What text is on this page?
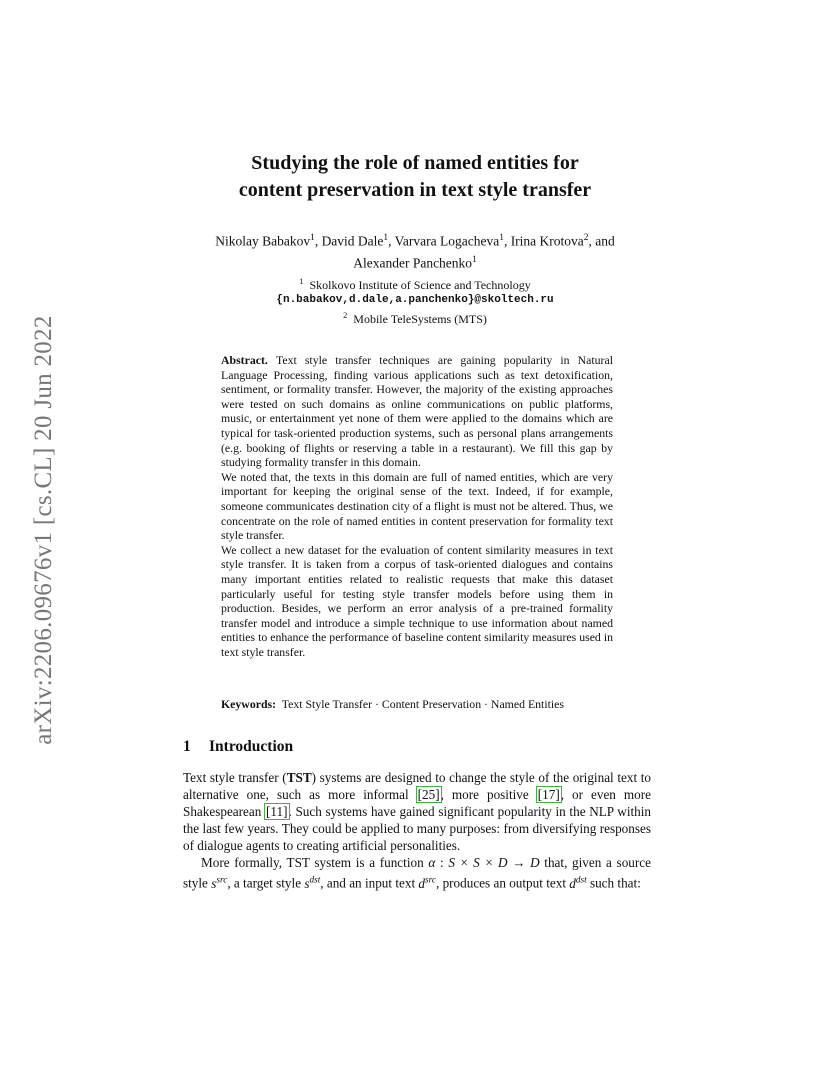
arXiv:2206.09676v1 [cs.CL] 20 Jun 2022
Studying the role of named entities for
content preservation in text style transfer
Nikolay Babakov$^1$, David Dale$^1$, Varvara Logacheva$^1$, Irina Krotova$^2$, and
Alexander Panchenko$^1$
$^1$ Skolkovo Institute of Science and Technology
{n.babakov,d.dale,a.panchenko}@skoltech.ru
$^2$ Mobile TeleSystems (MTS)

Abstract. Text style transfer techniques are gaining popularity in Natural Language Processing, finding various applications such as text detoxification, sentiment, or formality transfer. However, the majority of the existing approaches were tested on such domains as online communications on public platforms, music, or entertainment yet none of them were applied to the domains which are typical for task-oriented production systems, such as personal plans arrangements (e.g. booking of flights or reserving a table in a restaurant). We fill this gap by studying formality transfer in this domain.

We noted that, the texts in this domain are full of named entities, which are very important for keeping the original sense of the text. Indeed, if for example, someone communicates destination city of a flight is must not be altered. Thus, we concentrate on the role of named entities in content preservation for formality text style transfer.

We collect a new dataset for the evaluation of content similarity measures in text style transfer. It is taken from a corpus of task-oriented dialogues and contains many important entities related to realistic requests that make this dataset particularly useful for testing style transfer models before using them in production. Besides, we perform an error analysis of a pre-trained formality transfer model and introduce a simple technique to use information about named entities to enhance the performance of baseline content similarity measures used in text style transfer.

Keywords: Text Style Transfer · Content Preservation · Named Entities
1 Introduction

Text style transfer (TST) systems are designed to change the style of the original text to alternative one, such as more informal [25], more positive [17], or even more Shakespearean [11]. Such systems have gained significant popularity in the NLP within the last few years. They could be applied to many purposes: from diversifying responses of dialogue agents to creating artificial personalities.

More formally, TST system is a function α : S × S × D → D that, given a source style $s^{src}$, a target style $s^{dst}$, and an input text $d^{src}$, produces an output text $d^{dst}$ such that:
